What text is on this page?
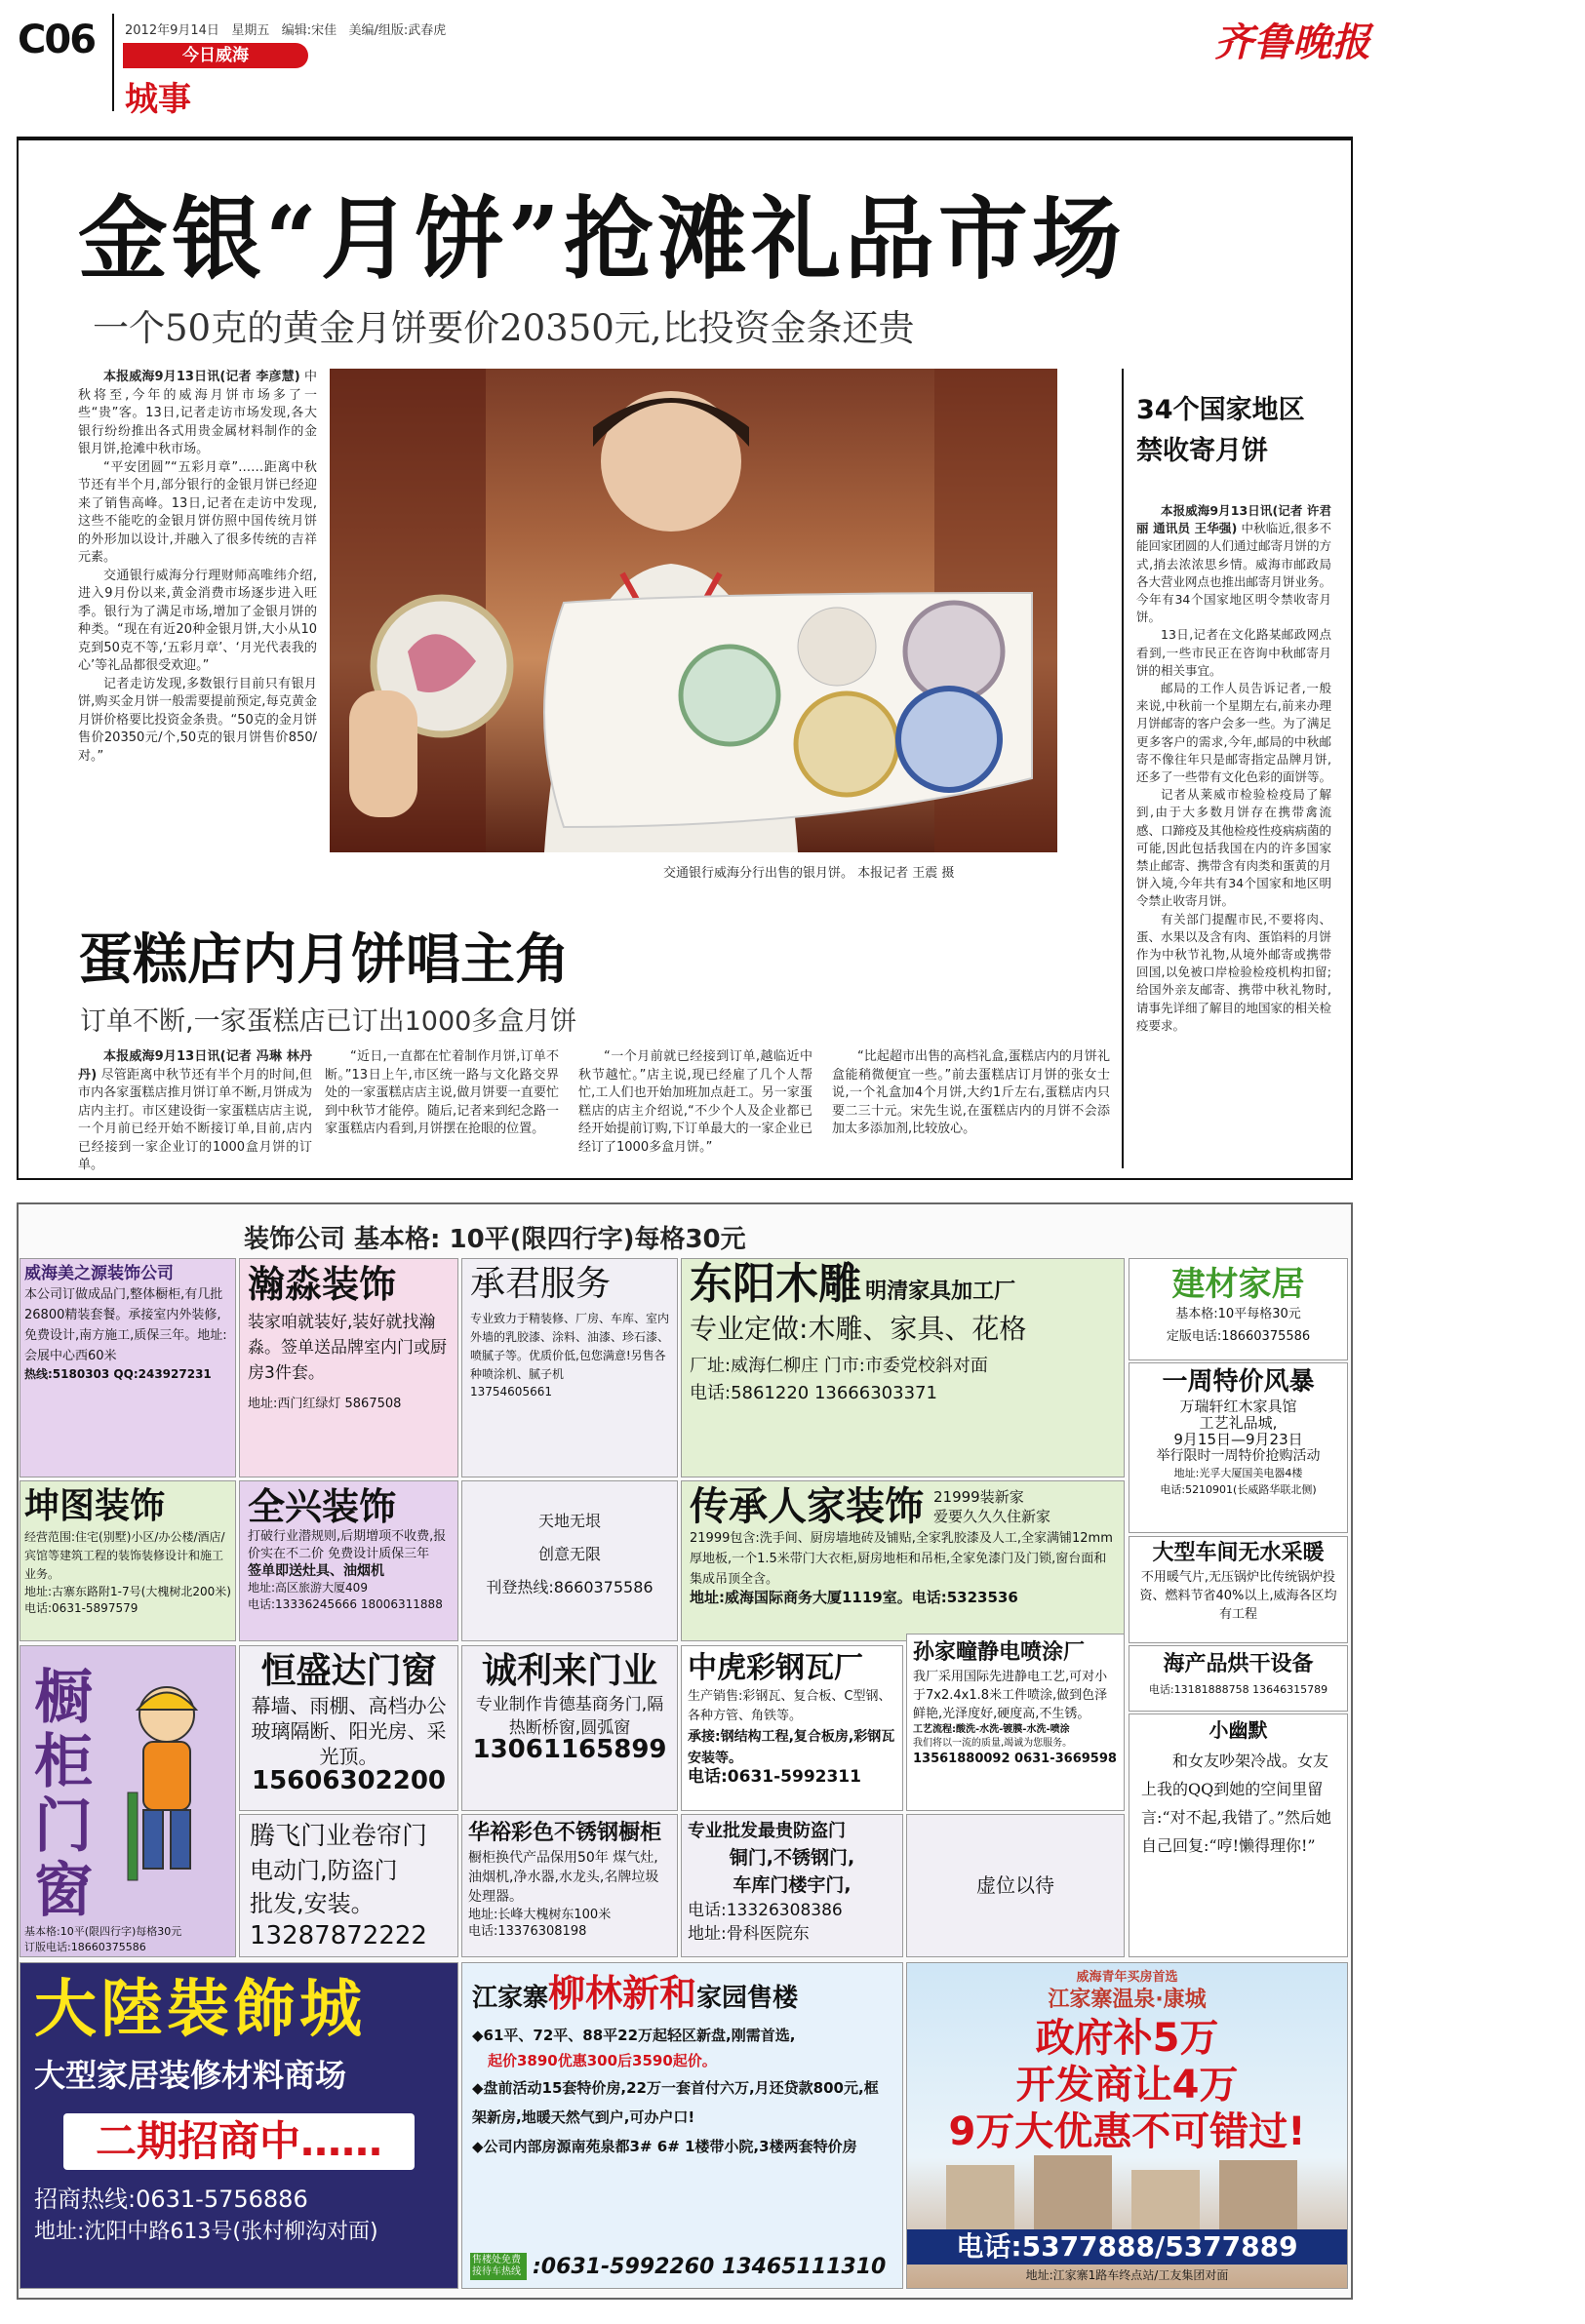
C06 2012年9月14日 星期五 编辑:宋佳 美编/组版:武春虎
今日威海
城事
齐鲁晚报
金银“月饼”抢滩礼品市场
一个50克的黄金月饼要价20350元,比投资金条还贵

本报威海9月13日讯(记者 李彦慧) 中秋将至,今年的威海月饼市场多了一些“贵”客。13日,记者走访市场发现,各大银行纷纷推出各式用贵金属材料制作的金银月饼,抢滩中秋市场。

“平安团圆”“五彩月章”……距离中秋节还有半个月,部分银行的金银月饼已经迎来了销售高峰。13日,记者在走访中发现,这些不能吃的金银月饼仿照中国传统月饼的外形加以设计,并融入了很多传统的吉祥元素。

交通银行威海分行理财师高唯纬介绍,进入9月份以来,黄金消费市场逐步进入旺季。银行为了满足市场,增加了金银月饼的种类。“现在有近20种金银月饼,大小从10克到50克不等,‘五彩月章’、‘月光代表我的心’等礼品都很受欢迎。”

记者走访发现,多数银行目前只有银月饼,购买金月饼一般需要提前预定,每克黄金月饼价格要比投资金条贵。“50克的金月饼售价20350元/个,50克的银月饼售价850/对。”

交通银行威海分行出售的银月饼。 本报记者 王震 摄
34个国家地区禁收寄月饼

本报威海9月13日讯(记者 许君丽 通讯员 王华强) 中秋临近,很多不能回家团圆的人们通过邮寄月饼的方式,捎去浓浓思乡情。威海市邮政局各大营业网点也推出邮寄月饼业务。今年有34个国家地区明令禁收寄月饼。

13日,记者在文化路某邮政网点看到,一些市民正在咨询中秋邮寄月饼的相关事宜。

邮局的工作人员告诉记者,一般来说,中秋前一个星期左右,前来办理月饼邮寄的客户会多一些。为了满足更多客户的需求,今年,邮局的中秋邮寄不像往年只是邮寄指定品牌月饼,还多了一些带有文化色彩的面饼等。

记者从莱威市检验检疫局了解到,由于大多数月饼存在携带禽流感、口蹄疫及其他检疫性疫病病菌的可能,因此包括我国在内的许多国家禁止邮寄、携带含有肉类和蛋黄的月饼入境,今年共有34个国家和地区明令禁止收寄月饼。

有关部门提醒市民,不要将肉、蛋、水果以及含有肉、蛋馅料的月饼作为中秋节礼物,从境外邮寄或携带回国,以免被口岸检验检疫机构扣留;给国外亲友邮寄、携带中秋礼物时,请事先详细了解目的地国家的相关检疫要求。

蛋糕店内月饼唱主角
订单不断,一家蛋糕店已订出1000多盒月饼

本报威海9月13日讯(记者 冯琳 林丹丹) 尽管距离中秋节还有半个月的时间,但市内各家蛋糕店推月饼订单不断,月饼成为店内主打。市区建设街一家蛋糕店店主说,一个月前已经开始不断接订单,目前,店内已经接到一家企业订的1000盒月饼的订单。

“近日,一直都在忙着制作月饼,订单不断。”13日上午,市区统一路与文化路交界处的一家蛋糕店店主说,做月饼要一直要忙到中秋节才能停。随后,记者来到纪念路一家蛋糕店内看到,月饼摆在抢眼的位置。

“一个月前就已经接到订单,越临近中秋节越忙。”店主说,现已经雇了几个人帮忙,工人们也开始加班加点赶工。另一家蛋糕店的店主介绍说,“不少个人及企业都已经开始提前订购,下订单最大的一家企业已经订了1000多盒月饼。”

“比起超市出售的高档礼盒,蛋糕店内的月饼礼盒能稍微便宜一些。”前去蛋糕店订月饼的张女士说,一个礼盒加4个月饼,大约1斤左右,蛋糕店内只要二三十元。宋先生说,在蛋糕店内的月饼不会添加太多添加剂,比较放心。

装饰公司 基本格: 10平(限四行字)每格30元
威海美之源装饰公司
本公司订做成品门,整体橱柜,有几批26800精装套餐。承接室内外装修,免费设计,南方施工,质保三年。地址:会展中心西60米
热线:5180303 QQ:243927231
瀚淼装饰
装家咱就装好,装好就找瀚淼。签单送品牌室内门或厨房3件套。
地址:西门红绿灯 5867508
承君服务
专业致力于精装修、厂房、车库、室内外墙的乳胶漆、涂料、油漆、珍石漆、喷腻子等。优质价低,包您满意!另售各种喷涂机、腻子机
13754605661
东阳木雕 明清家具加工厂
专业定做:木雕、家具、花格
厂址:威海仁柳庄 门市:市委党校斜对面
电话:5861220 13666303371
建材家居
基本格:10平每格30元
定版电话:18660375586
一周特价风暴
万瑞轩红木家具馆
工艺礼品城,
9月15日—9月23日
举行限时一周特价抢购活动
地址:光孚大厦国美电器4楼
电话:5210901(长威路华联北侧)
坤图装饰
经营范围:住宅(别墅)小区/办公楼/酒店/宾馆等建筑工程的装饰装修设计和施工业务。
地址:古寨东路附1-7号(大槐树北200米)电话:0631-5897579
全兴装饰
打破行业潜规则,后期增项不收费,报价实在不二价 免费设计质保三年
签单即送灶具、油烟机
地址:高区旅游大厦409
电话:13336245666 18006311888
天地无垠
创意无限
刊登热线:8660375586
传承人家装饰 21999装新家
爱要久久久住新家
21999包含:洗手间、厨房墙地砖及铺贴,全家乳胶漆及人工,全家满铺12mm厚地板,一个1.5米带门大衣柜,厨房地柜和吊柜,全家免漆门及门锁,窗台面和集成吊顶全含。
地址:威海国际商务大厦1119室。电话:5323536
大型车间无水采暖
不用暖气片,无压锅炉比传统锅炉投资、燃料节省40%以上,威海各区均有工程
海产品烘干设备
电话:13181888758 13646315789
橱柜门窗
基本格:10平(限四行字)每格30元
订版电话:18660375586
恒盛达门窗
幕墙、雨棚、高档办公玻璃隔断、阳光房、采光顶。
15606302200
诚利来门业
专业制作肯德基商务门,隔热断桥窗,圆弧窗
13061165899
中虎彩钢瓦厂
生产销售:彩钢瓦、复合板、C型钢、各种方管、角铁等。
承接:钢结构工程,复合板房,彩钢瓦安装等。
电话:0631-5992311
孙家疃静电喷涂厂
我厂采用国际先进静电工艺,可对小于7x2.4x1.8米工件喷涂,做到色泽鲜艳,光泽度好,硬度高,不生锈。
工艺流程:酸洗-水洗-镀膜-水洗-喷涂
我们将以一流的质量,竭诚为您服务。
13561880092 0631-3669598
小幽默
和女友吵架冷战。女友上我的QQ到她的空间里留言:“对不起,我错了。”然后她自己回复:“哼!懒得理你!”
腾飞门业卷帘门
电动门,防盗门
批发,安装。
13287872222
华裕彩色不锈钢橱柜
橱柜换代产品保用50年 煤气灶,油烟机,净水器,水龙头,名牌垃圾处理器。
地址:长峰大槐树东100米
电话:13376308198
专业批发最贵防盗门
铜门,不锈钢门,
车库门楼宇门,
电话:13326308386
地址:骨科医院东
虚位以待
大陸裝飾城
大型家居装修材料商场
二期招商中……
招商热线:0631-5756886
地址:沈阳中路613号(张村柳沟对面)
江家寨柳林新和家园售楼
◆61平、72平、88平22万起轻区新盘,刚需首选,
起价3890优惠300后3590起价。
◆盘前活动15套特价房,22万一套首付六万,月还贷款800元,框架新房,地暖天然气到户,可办户口!
◆公司内部房源南苑泉都3# 6# 1楼带小院,3楼两套特价房
售楼处免费接待车热线 :0631-5992260 13465111310
威海青年买房首选
江家寨温泉·康城
政府补5万
开发商让4万
9万大优惠不可错过!
电话:5377888/5377889
地址:江家寨1路车终点站/工友集团对面
